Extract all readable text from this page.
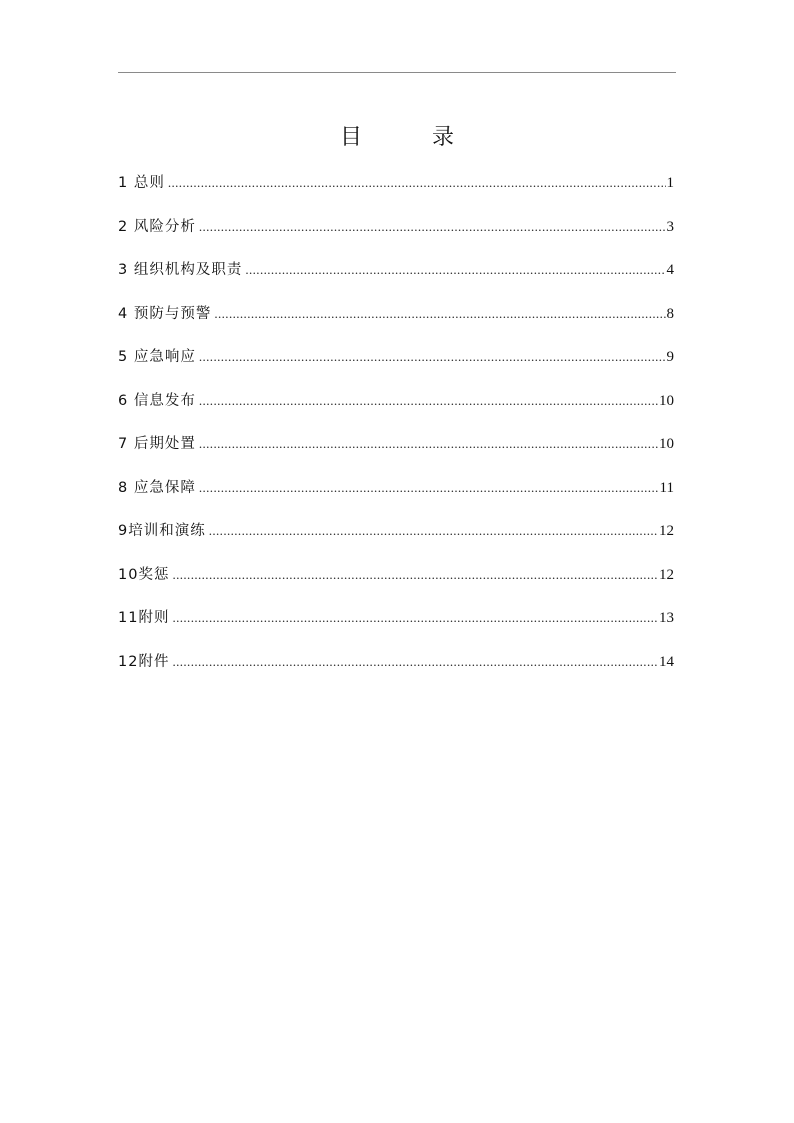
目　录
1 总则 .....	1
2 风险分析 .....	3
3 组织机构及职责 .....	4
4 预防与预警 .....	8
5 应急响应 .....	9
6 信息发布 .....	10
7 后期处置 .....	10
8 应急保障 .....	11
9培训和演练 .....	12
10奖惩 .....	12
11附则 .....	13
12附件 .....	14
